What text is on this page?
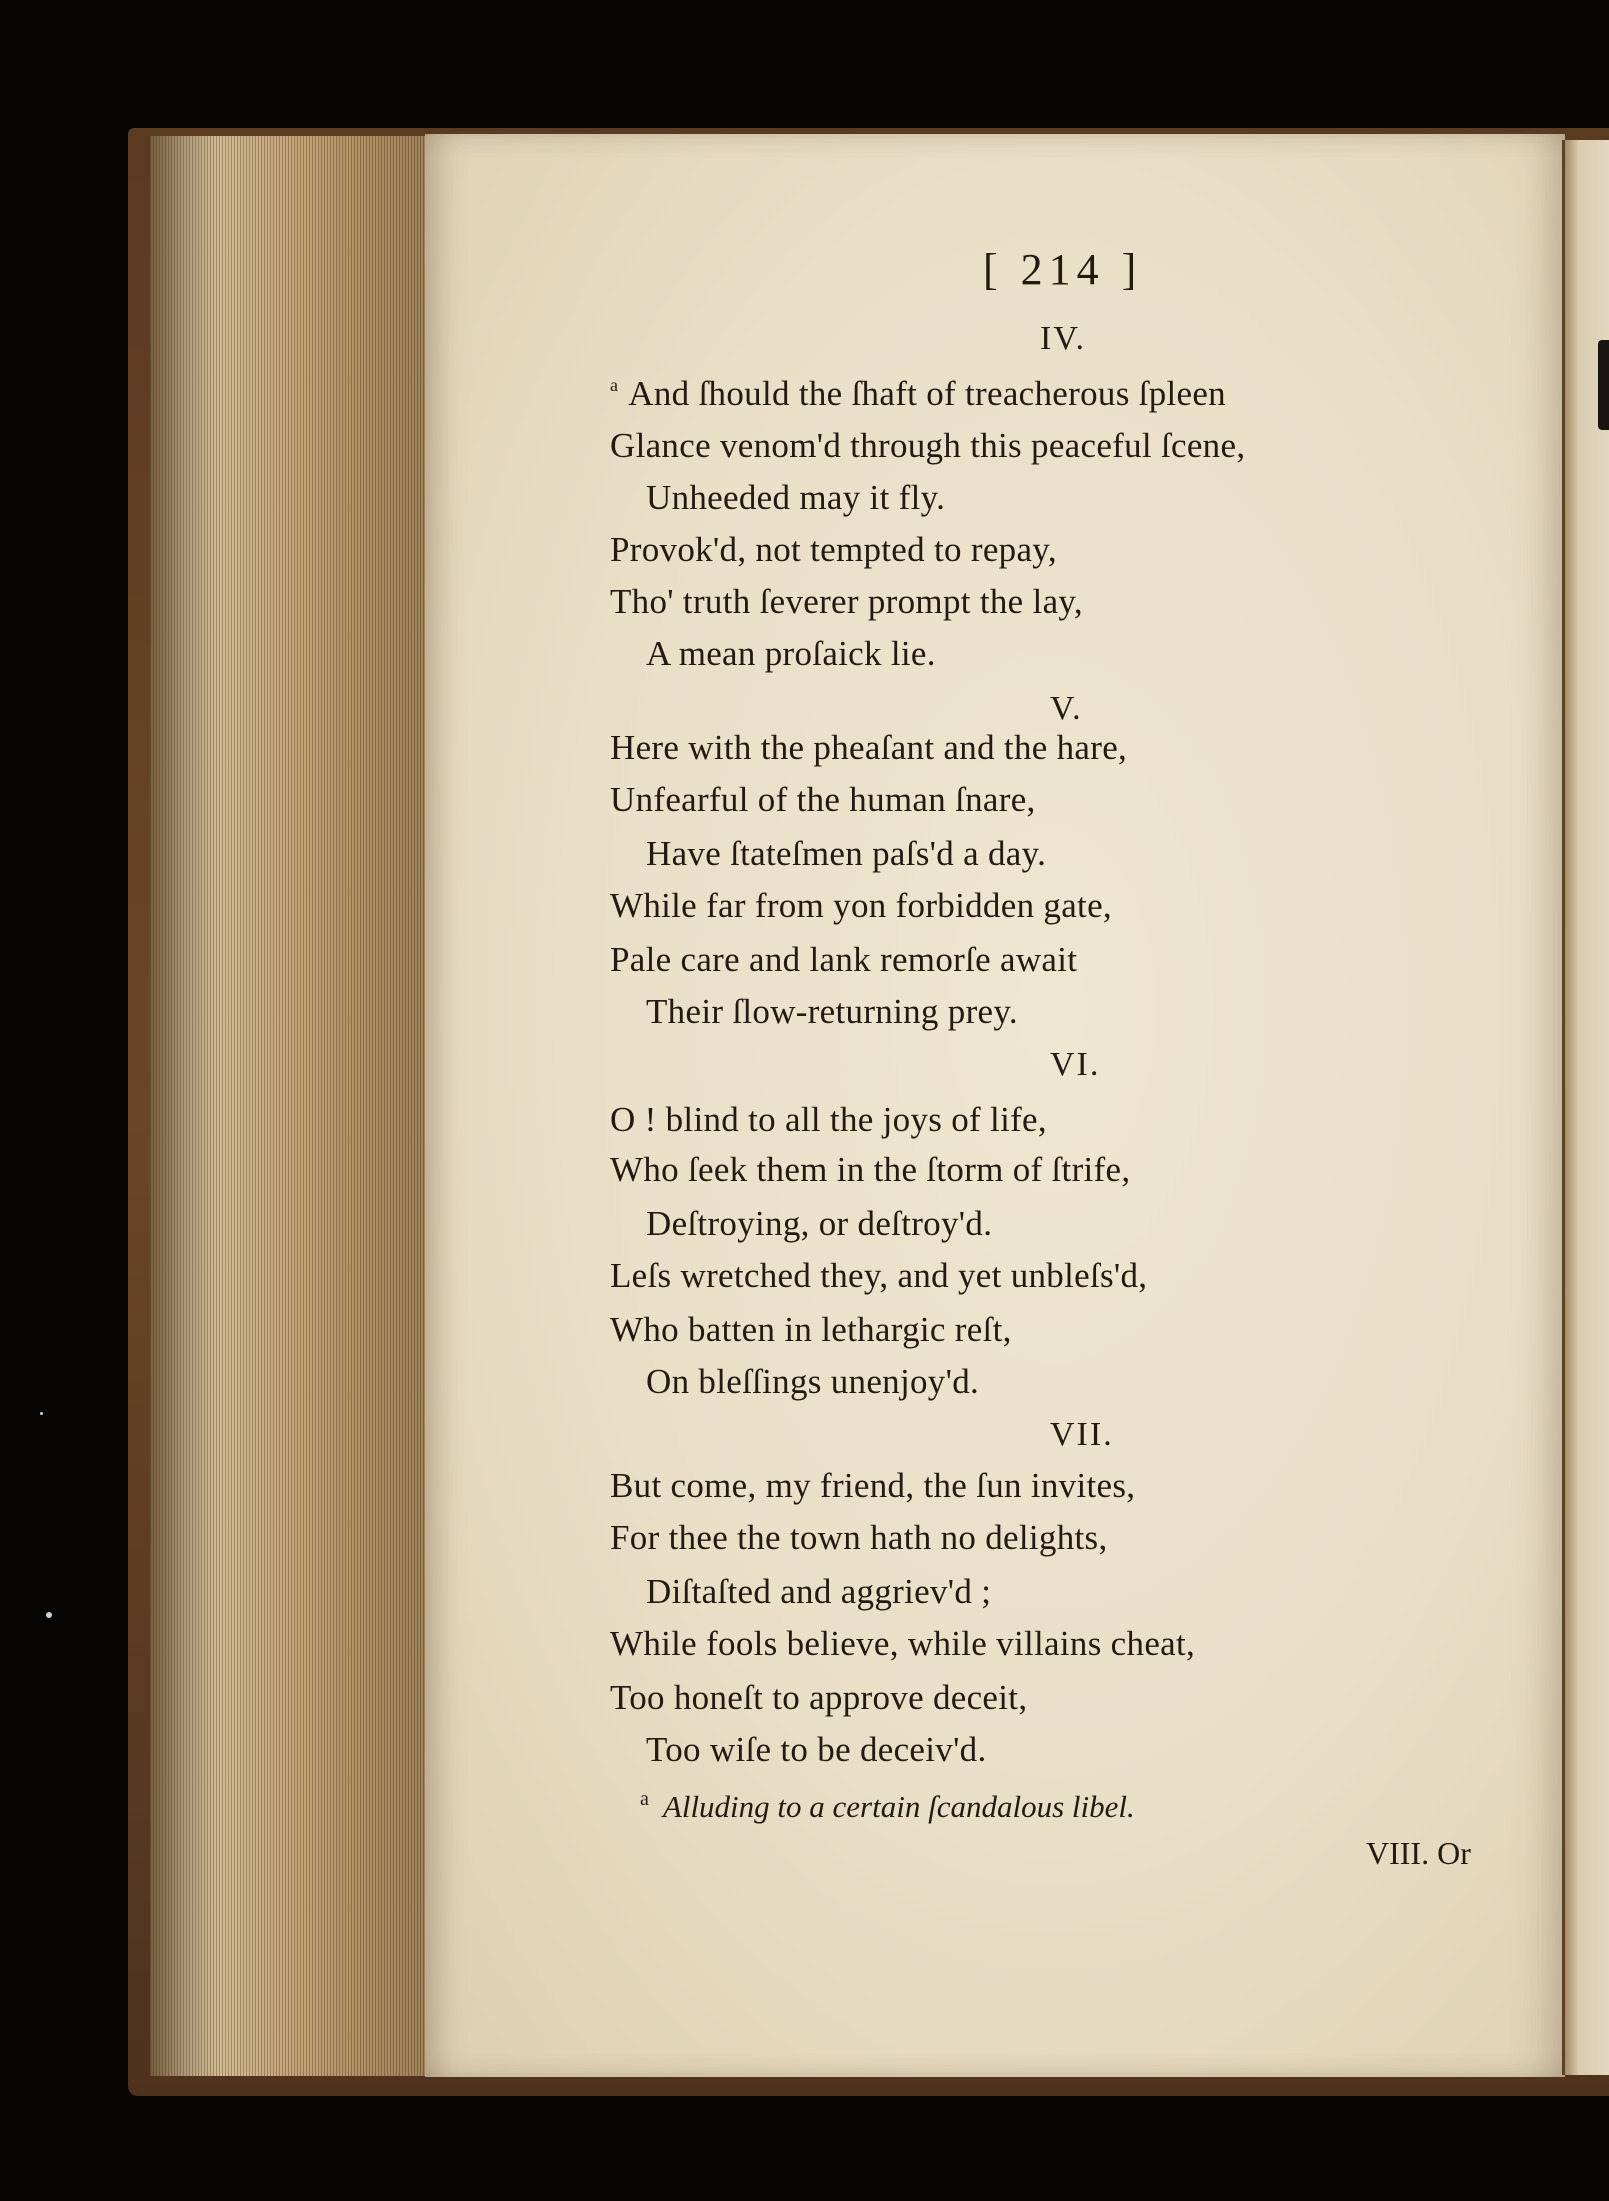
[ 214 ]
IV.
$^a$ And ſhould the ſhaft of treacherous ſpleen
Glance venom'd through this peaceful ſcene,
Unheeded may it fly.
Provok'd, not tempted to repay,
Tho' truth ſeverer prompt the lay,
A mean proſaick lie.
V.
Here with the pheaſant and the hare,
Unfearful of the human ſnare,
Have ſtateſmen paſs'd a day.
While far from yon forbidden gate,
Pale care and lank remorſe await
Their ſlow-returning prey.
VI.
O ! blind to all the joys of life,
Who ſeek them in the ſtorm of ſtrife,
Deſtroying, or deſtroy'd.
Leſs wretched they, and yet unbleſs'd,
Who batten in lethargic reſt,
On bleſſings unenjoy'd.
VII.
But come, my friend, the ſun invites,
For thee the town hath no delights,
Diſtaſted and aggriev'd ;
While fools believe, while villains cheat,
Too honeſt to approve deceit,
Too wiſe to be deceiv'd.
$^a$ Alluding to a certain ſcandalous libel.
VIII. Or
